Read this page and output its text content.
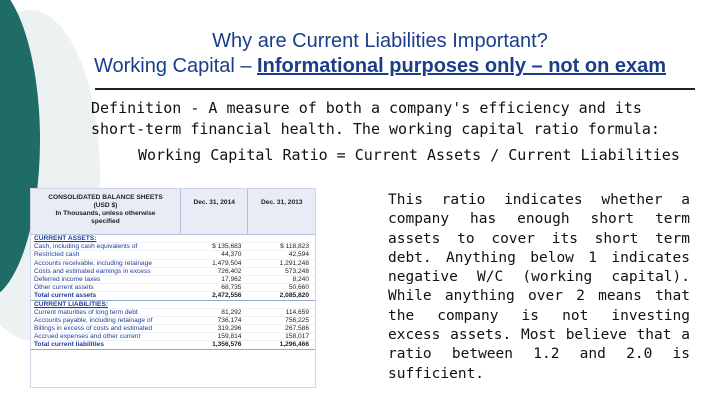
Why are Current Liabilities Important?
Working Capital – Informational purposes only – not on exam
Definition - A measure of both a company's efficiency and its
short-term financial health. The working capital ratio formula:
Working Capital Ratio = Current Assets / Current Liabilities
CONSOLIDATED BALANCE SHEETS
(USD $)
In Thousands, unless otherwise
specified
Dec. 31, 2014	Dec. 31, 2013
CURRENT ASSETS:
Cash, including cash equivalents of	$ 135,683	$ 118,823
Restricted cash	44,370	42,594
Accounts receivable, including retainage	1,479,504	1,291,248
Costs and estimated earnings in excess	726,402	573,248
Deferred income taxes	17,962	8,240
Other current assets	68,735	50,660
Total current assets	2,472,556	2,085,820
CURRENT LIABILITIES:
Current maturities of long term debt	81,292	114,659
Accounts payable, including retainage of	736,174	756,225
Billings in excess of costs and estimated	319,296	267,586
Accrued expenses and other current	159,814	158,017
Total current liabilities	1,356,576	1,296,466
This ratio indicates whether a company has enough short term assets to cover its short term debt. Anything below 1 indicates negative W/C (working capital). While anything over 2 means that the company is not investing excess assets. Most believe that a ratio between 1.2 and 2.0 is sufficient.
